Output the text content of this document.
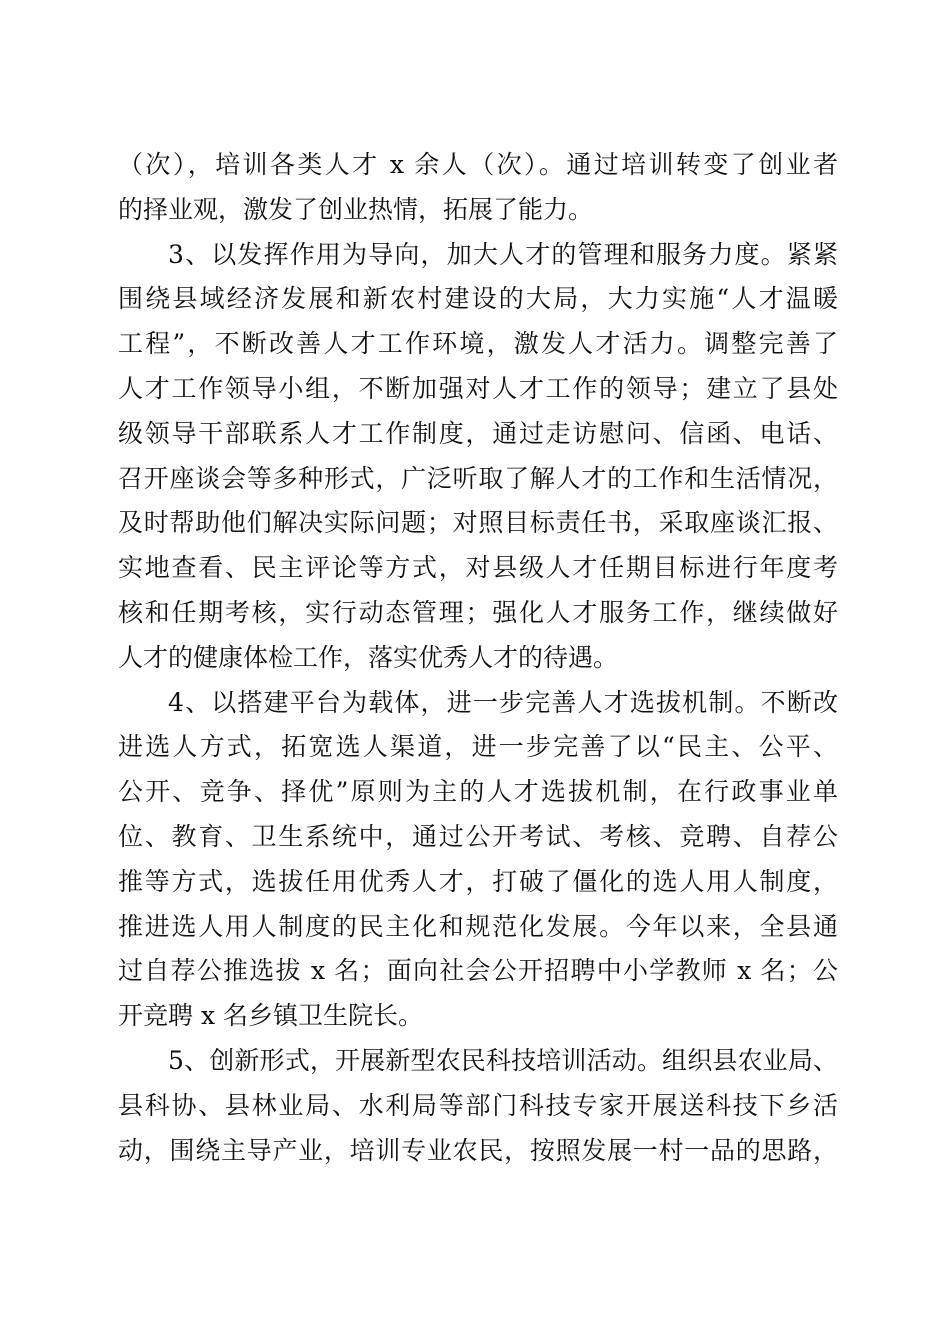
（次），培训各类人才 x 余人（次）。通过培训转变了创业者
的择业观，激发了创业热情，拓展了能力。
3、以发挥作用为导向，加大人才的管理和服务力度。紧紧
围绕县域经济发展和新农村建设的大局，大力实施“人才温暖
工程”，不断改善人才工作环境，激发人才活力。调整完善了
人才工作领导小组，不断加强对人才工作的领导；建立了县处
级领导干部联系人才工作制度，通过走访慰问、信函、电话、
召开座谈会等多种形式，广泛听取了解人才的工作和生活情况，
及时帮助他们解决实际问题；对照目标责任书，采取座谈汇报、
实地查看、民主评论等方式，对县级人才任期目标进行年度考
核和任期考核，实行动态管理；强化人才服务工作，继续做好
人才的健康体检工作，落实优秀人才的待遇。
4、以搭建平台为载体，进一步完善人才选拔机制。不断改
进选人方式，拓宽选人渠道，进一步完善了以“民主、公平、
公开、竞争、择优”原则为主的人才选拔机制，在行政事业单
位、教育、卫生系统中，通过公开考试、考核、竞聘、自荐公
推等方式，选拔任用优秀人才，打破了僵化的选人用人制度，
推进选人用人制度的民主化和规范化发展。今年以来，全县通
过自荐公推选拔 x 名；面向社会公开招聘中小学教师 x 名；公
开竞聘 x 名乡镇卫生院长。
5、创新形式，开展新型农民科技培训活动。组织县农业局、
县科协、县林业局、水利局等部门科技专家开展送科技下乡活
动，围绕主导产业，培训专业农民，按照发展一村一品的思路，
